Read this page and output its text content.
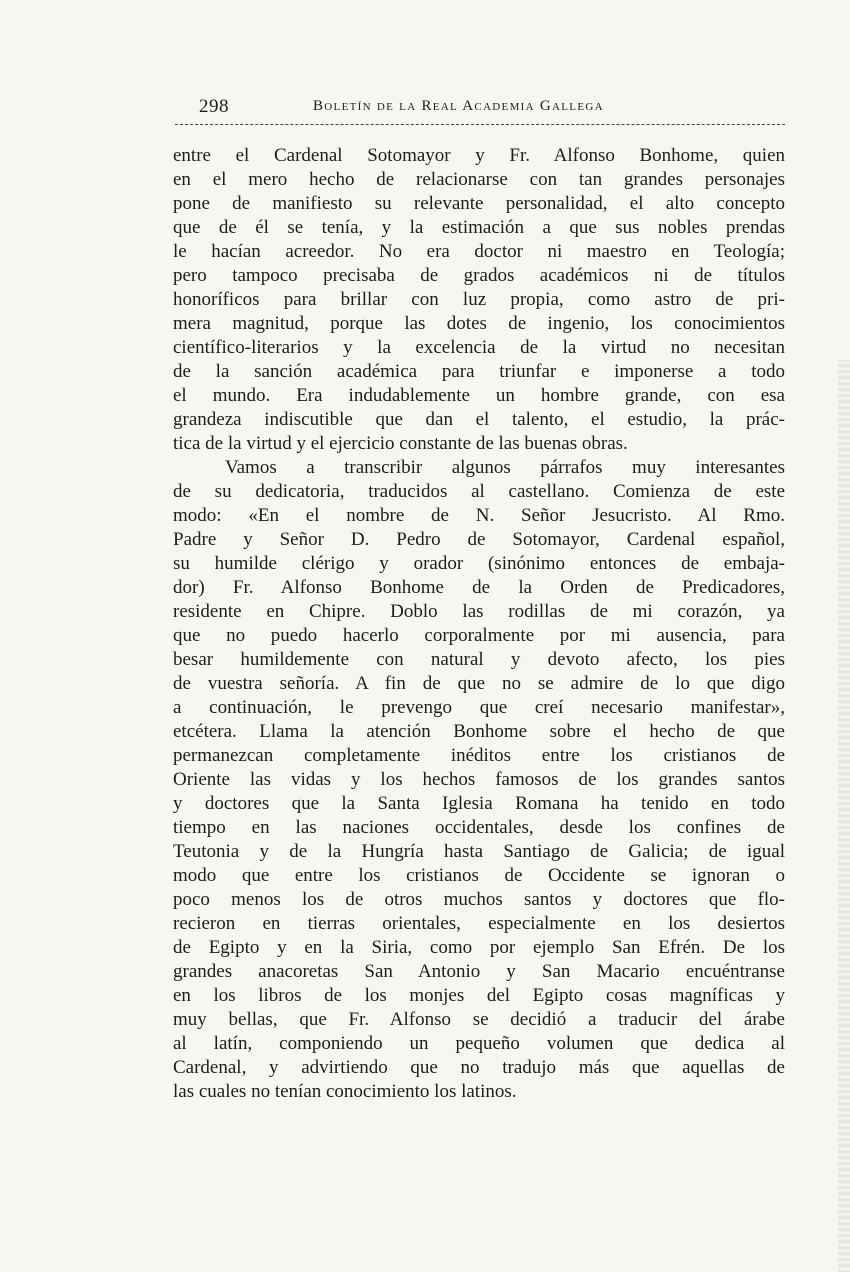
298	Boletín de la Real Academia Gallega
entre el Cardenal Sotomayor y Fr. Alfonso Bonhome, quien
en el mero hecho de relacionarse con tan grandes personajes
pone de manifiesto su relevante personalidad, el alto concepto
que de él se tenía, y la estimación a que sus nobles prendas
le hacían acreedor. No era doctor ni maestro en Teología;
pero tampoco precisaba de grados académicos ni de títulos
honoríficos para brillar con luz propia, como astro de pri-
mera magnitud, porque las dotes de ingenio, los conocimientos
científico-literarios y la excelencia de la virtud no necesitan
de la sanción académica para triunfar e imponerse a todo
el mundo. Era indudablemente un hombre grande, con esa
grandeza indiscutible que dan el talento, el estudio, la prác-
tica de la virtud y el ejercicio constante de las buenas obras.
Vamos a transcribir algunos párrafos muy interesantes
de su dedicatoria, traducidos al castellano. Comienza de este
modo: «En el nombre de N. Señor Jesucristo. Al Rmo.
Padre y Señor D. Pedro de Sotomayor, Cardenal español,
su humilde clérigo y orador (sinónimo entonces de embaja-
dor) Fr. Alfonso Bonhome de la Orden de Predicadores,
residente en Chipre. Doblo las rodillas de mi corazón, ya
que no puedo hacerlo corporalmente por mi ausencia, para
besar humildemente con natural y devoto afecto, los pies
de vuestra señoría. A fin de que no se admire de lo que digo
a continuación, le prevengo que creí necesario manifestar»,
etcétera. Llama la atención Bonhome sobre el hecho de que
permanezcan completamente inéditos entre los cristianos de
Oriente las vidas y los hechos famosos de los grandes santos
y doctores que la Santa Iglesia Romana ha tenido en todo
tiempo en las naciones occidentales, desde los confines de
Teutonia y de la Hungría hasta Santiago de Galicia; de igual
modo que entre los cristianos de Occidente se ignoran o
poco menos los de otros muchos santos y doctores que flo-
recieron en tierras orientales, especialmente en los desiertos
de Egipto y en la Siria, como por ejemplo San Efrén. De los
grandes anacoretas San Antonio y San Macario encuéntranse
en los libros de los monjes del Egipto cosas magníficas y
muy bellas, que Fr. Alfonso se decidió a traducir del árabe
al latín, componiendo un pequeño volumen que dedica al
Cardenal, y advirtiendo que no tradujo más que aquellas de
las cuales no tenían conocimiento los latinos.
